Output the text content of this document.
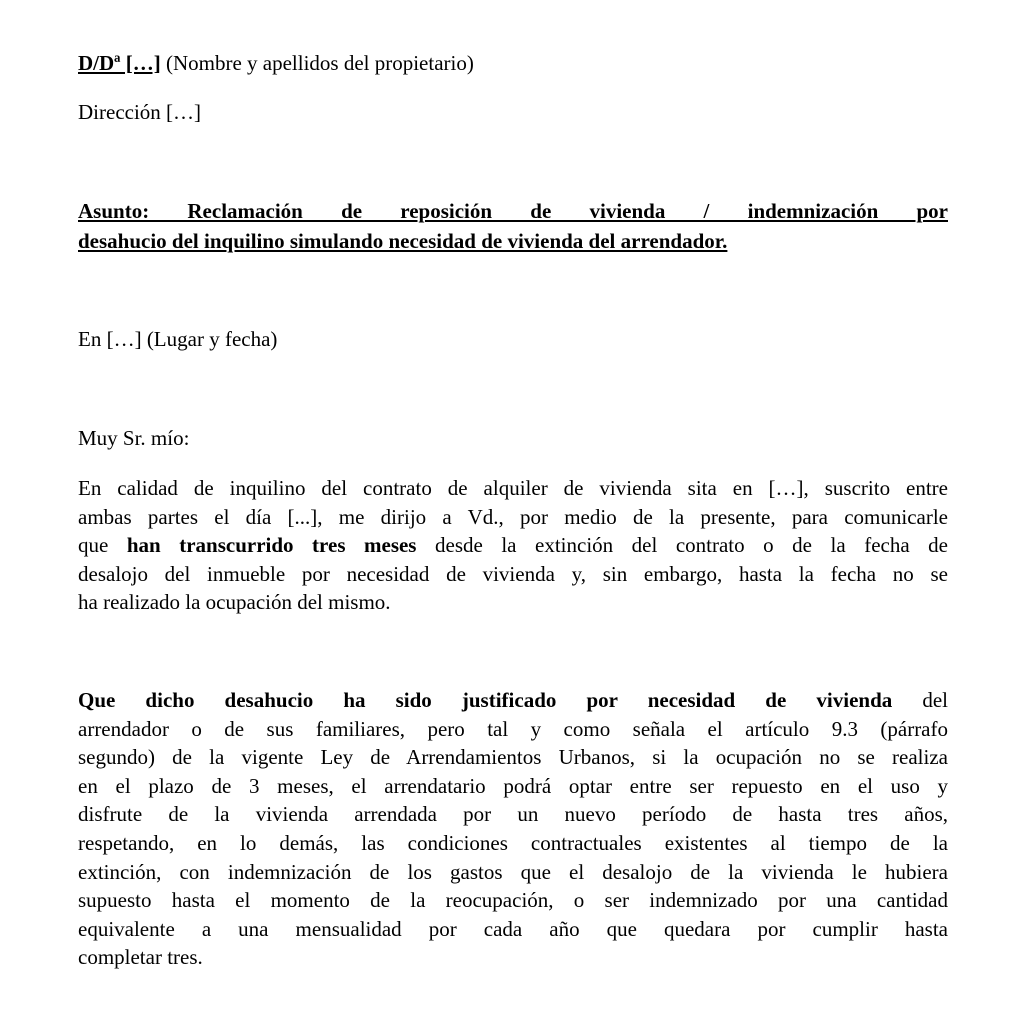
D/Dª […] (Nombre y apellidos del propietario)
Dirección […]
Asunto: Reclamación de reposición de vivienda / indemnización por
desahucio del inquilino simulando necesidad de vivienda del arrendador.
En […] (Lugar y fecha)
Muy Sr. mío:
En calidad de inquilino del contrato de alquiler de vivienda sita en […], suscrito entre
ambas partes el día [...], me dirijo a Vd., por medio de la presente, para comunicarle
que han transcurrido tres meses desde la extinción del contrato o de la fecha de
desalojo del inmueble por necesidad de vivienda y, sin embargo, hasta la fecha no se
ha realizado la ocupación del mismo.
Que dicho desahucio ha sido justificado por necesidad de vivienda del
arrendador o de sus familiares, pero tal y como señala el artículo 9.3 (párrafo
segundo) de la vigente Ley de Arrendamientos Urbanos, si la ocupación no se realiza
en el plazo de 3 meses, el arrendatario podrá optar entre ser repuesto en el uso y
disfrute de la vivienda arrendada por un nuevo período de hasta tres años,
respetando, en lo demás, las condiciones contractuales existentes al tiempo de la
extinción, con indemnización de los gastos que el desalojo de la vivienda le hubiera
supuesto hasta el momento de la reocupación, o ser indemnizado por una cantidad
equivalente a una mensualidad por cada año que quedara por cumplir hasta
completar tres.
